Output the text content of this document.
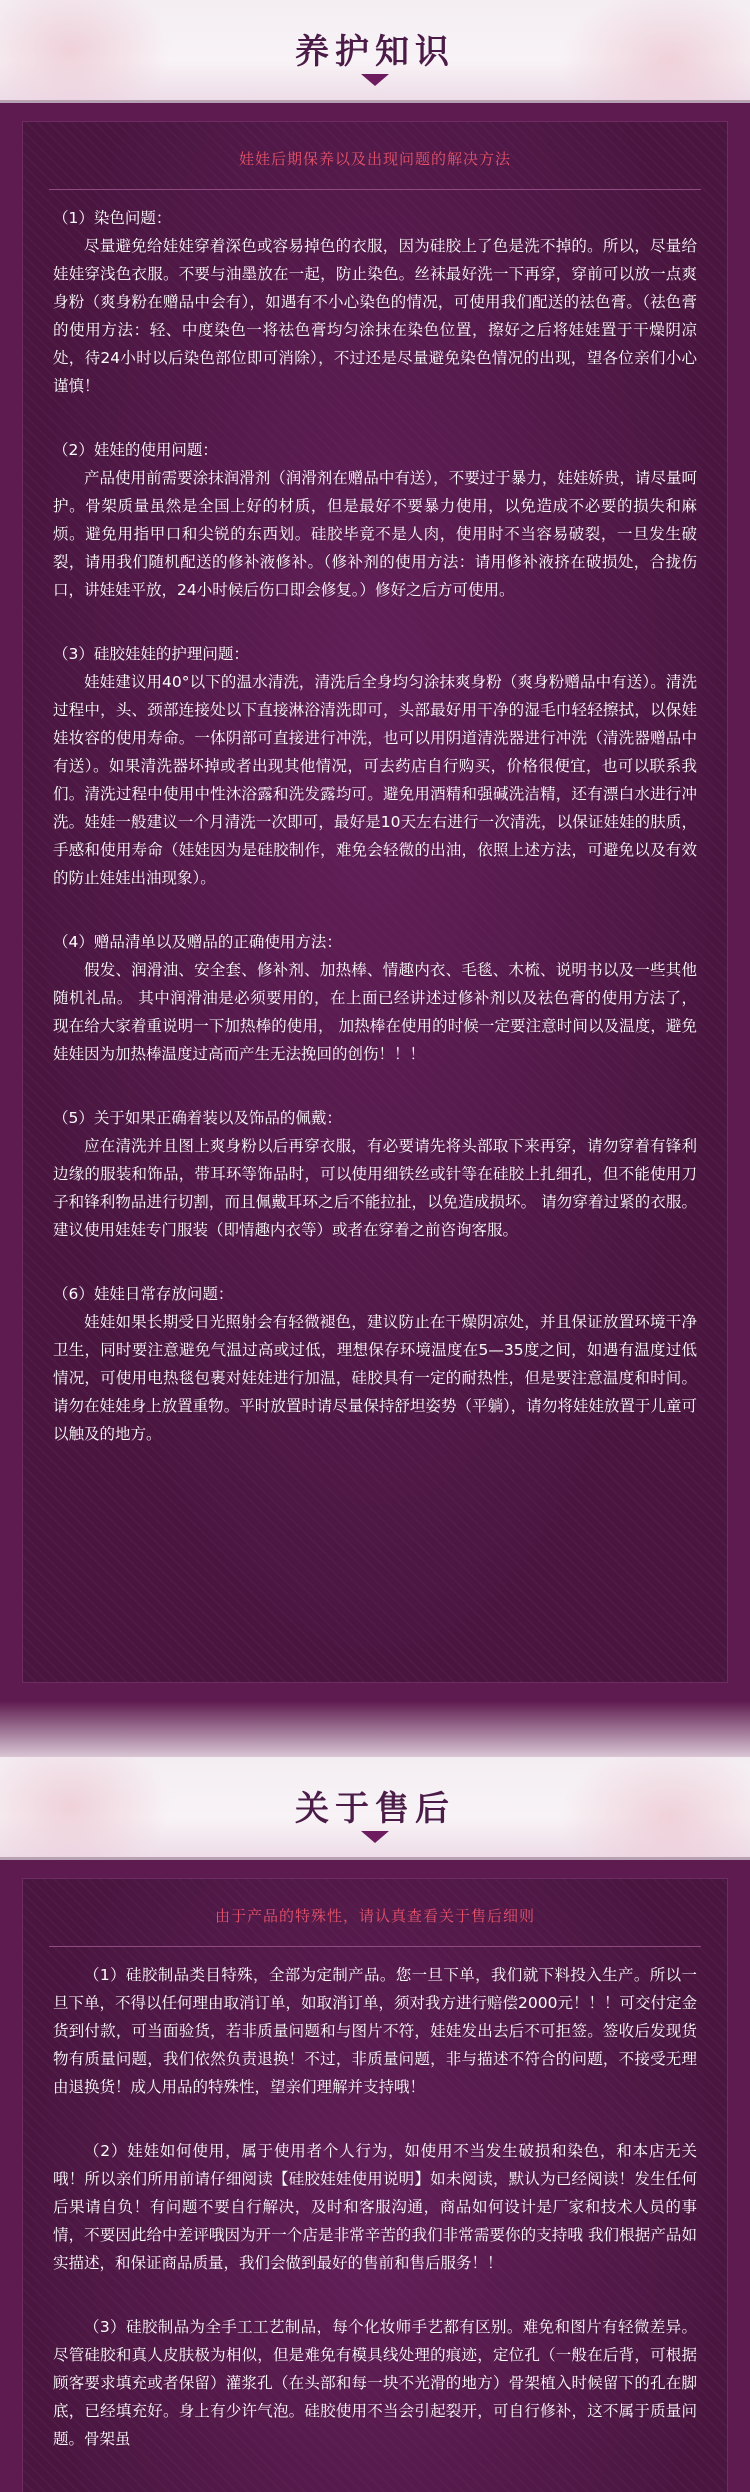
养护知识
娃娃后期保养以及出现问题的解决方法

（1）染色问题：

尽量避免给娃娃穿着深色或容易掉色的衣服，因为硅胶上了色是洗不掉的。所以，尽量给娃娃穿浅色衣服。不要与油墨放在一起，防止染色。丝袜最好洗一下再穿，穿前可以放一点爽身粉（爽身粉在赠品中会有），如遇有不小心染色的情况，可使用我们配送的祛色膏。（祛色膏的使用方法：轻、中度染色一将祛色膏均匀涂抹在染色位置，擦好之后将娃娃置于干燥阴凉处，待24小时以后染色部位即可消除），不过还是尽量避免染色情况的出现，望各位亲们小心谨慎！

（2）娃娃的使用问题：

产品使用前需要涂抹润滑剂（润滑剂在赠品中有送），不要过于暴力，娃娃娇贵，请尽量呵护。骨架质量虽然是全国上好的材质，但是最好不要暴力使用，以免造成不必要的损失和麻烦。避免用指甲口和尖锐的东西划。硅胶毕竟不是人肉，使用时不当容易破裂，一旦发生破裂，请用我们随机配送的修补液修补。（修补剂的使用方法：请用修补液挤在破损处，合拢伤口，讲娃娃平放，24小时候后伤口即会修复。）修好之后方可使用。

（3）硅胶娃娃的护理问题：

娃娃建议用40°以下的温水清洗，清洗后全身均匀涂抹爽身粉（爽身粉赠品中有送）。清洗过程中，头、颈部连接处以下直接淋浴清洗即可，头部最好用干净的湿毛巾轻轻擦拭，以保娃娃妆容的使用寿命。一体阴部可直接进行冲洗，也可以用阴道清洗器进行冲洗（清洗器赠品中有送）。如果清洗器坏掉或者出现其他情况，可去药店自行购买，价格很便宜，也可以联系我们。清洗过程中使用中性沐浴露和洗发露均可。避免用酒精和强碱洗洁精，还有漂白水进行冲洗。娃娃一般建议一个月清洗一次即可，最好是10天左右进行一次清洗，以保证娃娃的肤质，手感和使用寿命（娃娃因为是硅胶制作，难免会轻微的出油，依照上述方法，可避免以及有效的防止娃娃出油现象）。

（4）赠品清单以及赠品的正确使用方法：

假发、润滑油、安全套、修补剂、加热棒、情趣内衣、毛毯、木梳、说明书以及一些其他随机礼品。 其中润滑油是必须要用的，在上面已经讲述过修补剂以及祛色膏的使用方法了， 现在给大家着重说明一下加热棒的使用， 加热棒在使用的时候一定要注意时间以及温度，避免娃娃因为加热棒温度过高而产生无法挽回的创伤！！！

（5）关于如果正确着装以及饰品的佩戴：

应在清洗并且图上爽身粉以后再穿衣服，有必要请先将头部取下来再穿，请勿穿着有锋利边缘的服装和饰品，带耳环等饰品时，可以使用细铁丝或针等在硅胶上扎细孔，但不能使用刀子和锋利物品进行切割，而且佩戴耳环之后不能拉扯，以免造成损坏。 请勿穿着过紧的衣服。建议使用娃娃专门服装（即情趣内衣等）或者在穿着之前咨询客服。

（6）娃娃日常存放问题：

娃娃如果长期受日光照射会有轻微褪色，建议防止在干燥阴凉处，并且保证放置环境干净卫生，同时要注意避免气温过高或过低，理想保存环境温度在5—35度之间，如遇有温度过低情况，可使用电热毯包裹对娃娃进行加温，硅胶具有一定的耐热性，但是要注意温度和时间。 请勿在娃娃身上放置重物。平时放置时请尽量保持舒坦姿势（平躺），请勿将娃娃放置于儿童可以触及的地方。

关于售后
由于产品的特殊性，请认真查看关于售后细则

（1）硅胶制品类目特殊，全部为定制产品。您一旦下单，我们就下料投入生产。所以一旦下单，不得以任何理由取消订单，如取消订单，须对我方进行赔偿2000元！！！可交付定金货到付款，可当面验货，若非质量问题和与图片不符，娃娃发出去后不可拒签。签收后发现货物有质量问题，我们依然负责退换！不过，非质量问题，非与描述不符合的问题，不接受无理由退换货！成人用品的特殊性，望亲们理解并支持哦！

（2）娃娃如何使用，属于使用者个人行为，如使用不当发生破损和染色，和本店无关哦！所以亲们所用前请仔细阅读【硅胶娃娃使用说明】如未阅读，默认为已经阅读！发生任何后果请自负！有问题不要自行解决，及时和客服沟通，商品如何设计是厂家和技术人员的事情，不要因此给中差评哦因为开一个店是非常辛苦的我们非常需要你的支持哦 我们根据产品如实描述，和保证商品质量，我们会做到最好的售前和售后服务！！

（3）硅胶制品为全手工工艺制品，每个化妆师手艺都有区别。难免和图片有轻微差异。尽管硅胶和真人皮肤极为相似，但是难免有模具线处理的痕迹，定位孔（一般在后背，可根据顾客要求填充或者保留）灌浆孔（在头部和每一块不光滑的地方）骨架植入时候留下的孔在脚底，已经填充好。身上有少许气泡。硅胶使用不当会引起裂开，可自行修补，这不属于质量问题。骨架虽
